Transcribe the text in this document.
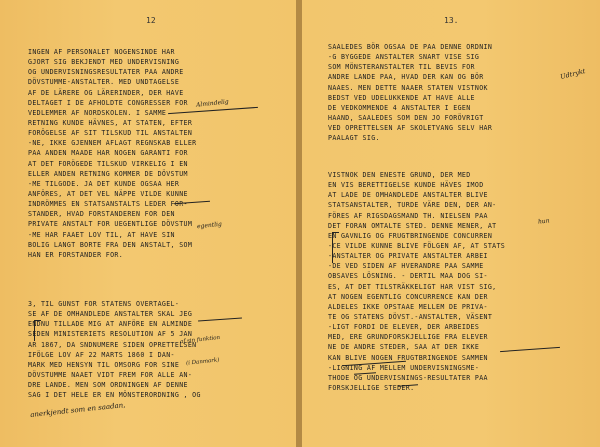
12
INGEN AF PERSONALET NOGENSINDE HAR
GJORT SIG BEKJENDT MED UNDERVISNING
OG UNDERVISNINGSRESULTATER PAA ANDRE
DÖVSTUMME-ANSTALTER. MED UNDTAGELSE
AF DE LÄRERE OG LÄRERINDER, DER HAVE
DELTAGET I DE AFHOLDTE CONGRESSER FOR
VEDLEMMER AF NORDSKOLEN. I SAMME
RETNING KUNDE HÄVNES, AT STATEN, EFTER
FORÖGELSE AF SIT TILSKUD TIL ANSTALTEN
-NE, IKKE GJENNEM AFLAGT REGNSKAB ELLER
PAA ANDEN MAADE HAR NOGEN GARANTI FOR
AT DET FORÖGEDE TILSKUD VIRKELIG I EN
ELLER ANDEN RETNING KOMMER DE DÖVSTUM
-ME TILGODE. JA DET KUNDE OGSAA HER
ANFÖRES, AT DET VEL NÄPPE VILDE KUNNE
INDRÖMMES EN STATSANSTALTS LEDER FOR-
STANDER, HVAD FORSTANDEREN FOR DEN
PRIVATE ANSTALT FOR UEGENTLIGE DÖVSTUM
-ME HAR FAAET LOV TIL, AT HAVE SIN
BOLIG LANGT BORTE FRA DEN ANSTALT, SOM
HAN ER FORSTANDER FOR.
3, TIL GUNST FOR STATENS OVERTAGEL-
SE AF DE OMHANDLEDE ANSTALTER SKAL JEG
ENDNU TILLADE MIG AT ANFÖRE EN ALMINDE
SEDEN MINISTERIETS RESOLUTION AF 5 JAN
AR 1867, DA SNDNUMERE SIDEN OPRETTELSEN
IFÖLGE LOV AF 22 MARTS 1860 I DAN-
MARK MED HENSYN TIL OMSORG FOR SINE
DÖVSTUMME NAAET VIDT FREM FOR ALLE AN-
DRE LANDE. MEN SOM ORDNINGEN AF DENNE
SAG I DET HELE ER EN MÖNSTERORDNING , OG
Almindelig
egentlig
af sin funktion
(i Danmark)
anerkjendt som en saadan,
13.
SAALEDES BÖR OGSAA DE PAA DENNE ORDNIN
-G BYGGEDE ANSTALTER SNART VISE SIG
SOM MÖNSTERANSTALTER TIL BEVIS FOR
ANDRE LANDE PAA, HVAD DER KAN OG BÖR
NAAES. MEN DETTE NAAER STATEN VISTNOK
BEDST VED UDELUKKENDE AT HAVE ALLE
DE VEDKOMMENDE 4 ANSTALTER I EGEN
HAAND, SAALEDES SOM DEN JO FORÖVRIGT
VED OPRETTELSEN AF SKOLETVANG SELV HAR
PAALAGT SIG.
VISTNOK DEN ENESTE GRUND, DER MED
EN VIS BERETTIGELSE KUNDE HÄVES IMOD
AT LADE DE OMHANDLEDE ANSTALTER BLIVE
STATSANSTALTER, TURDE VÄRE DEN, DER AN-
FÖRES AF RIGSDAGSMAND TH. NIELSEN PAA
DET FORAN OMTALTE STED. DENNE MENER, AT
EN GAVNLIG OG FRUGTBRINGENDE CONCURREN
-CE VILDE KUNNE BLIVE FÖLGEN AF, AT STATS
-ANSTALTER OG PRIVATE ANSTALTER ARBEI
-DE VED SIDEN AF HVERANDRE PAA SAMME
OBSAVES LÖSNING. - DERTIL MAA DOG SI-
ES, AT DET TILSTRÄKKELIGT HAR VIST SIG,
AT NOGEN EGENTLIG CONCURRENCE KAN DER
ALDELES IKKE OPSTAAE MELLEM DE PRIVA-
TE OG STATENS DÖVST.-ANSTALTER, VÄSENT
-LIGT FORDI DE ELEVER, DER ARBEIDES
MED, ERE GRUNDFORSKJELLIGE FRA ELEVER
NE DE ANDRE STEDER, SAA AT DER IKKE
KAN BLIVE NOGEN FRUGTBRINGENDE SAMMEN
-LIGNING AF MELLEM UNDERVISNINGSME-
THODE OG UNDERVISNINGS-RESULTATER PAA
FORSKJELLIGE STEDER.
Udtrykt
hun
